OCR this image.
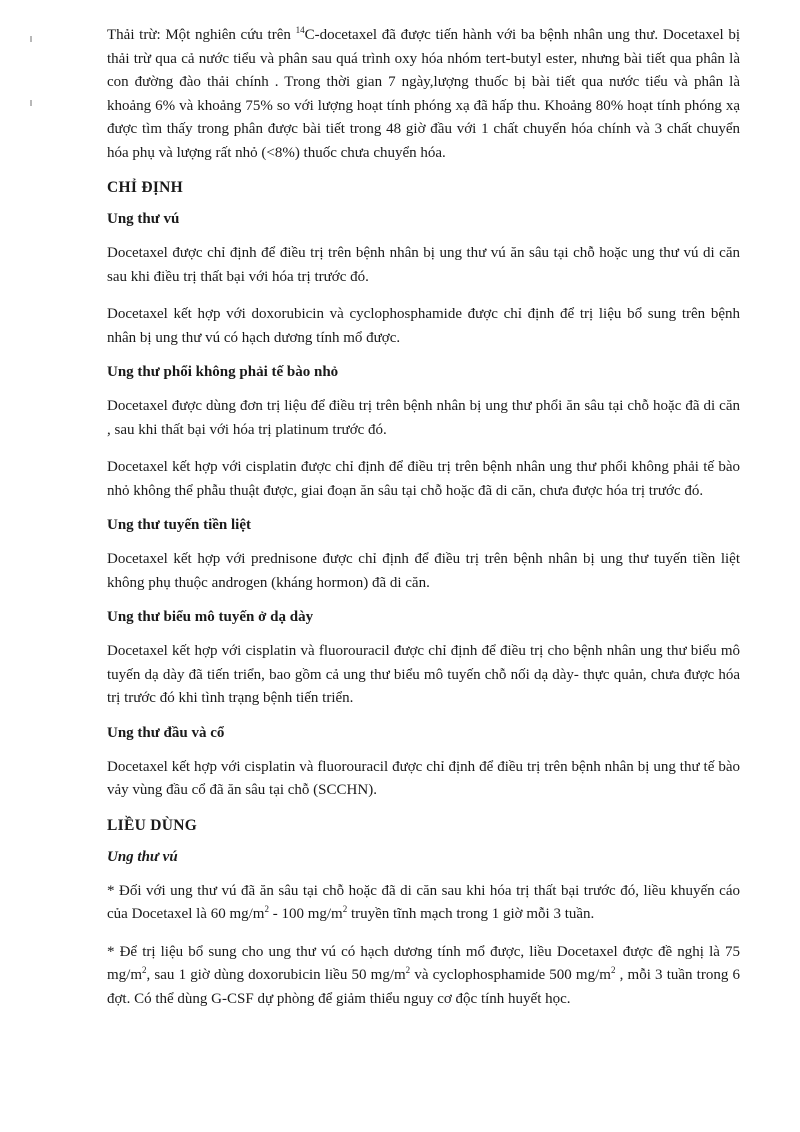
Thải trừ: Một nghiên cứu trên $^{14}$C-docetaxel đã được tiến hành với ba bệnh nhân ung thư. Docetaxel bị thải trừ qua cả nước tiểu và phân sau quá trình oxy hóa nhóm tert-butyl ester, nhưng bài tiết qua phân là con đường đào thải chính . Trong thời gian 7 ngày,lượng thuốc bị bài tiết qua nước tiểu và phân là khoảng 6% và khoảng 75% so với lượng hoạt tính phóng xạ đã hấp thu. Khoảng 80% hoạt tính phóng xạ được tìm thấy trong phân được bài tiết trong 48 giờ đầu với 1 chất chuyển hóa chính và 3 chất chuyển hóa phụ và lượng rất nhỏ (<8%) thuốc chưa chuyển hóa.

CHỈ ĐỊNH
Ung thư vú

Docetaxel được chỉ định để điều trị trên bệnh nhân bị ung thư vú ăn sâu tại chỗ hoặc ung thư vú di căn sau khi điều trị thất bại với hóa trị trước đó.

Docetaxel kết hợp với doxorubicin và cyclophosphamide được chỉ định để trị liệu bổ sung trên bệnh nhân bị ung thư vú có hạch dương tính mổ được.

Ung thư phổi không phải tế bào nhỏ

Docetaxel được dùng đơn trị liệu để điều trị trên bệnh nhân bị ung thư phổi ăn sâu tại chỗ hoặc đã di căn , sau khi thất bại với hóa trị platinum trước đó.

Docetaxel kết hợp với cisplatin được chỉ định để điều trị trên bệnh nhân ung thư phổi không phải tế bào nhỏ không thể phẫu thuật được, giai đoạn ăn sâu tại chỗ hoặc đã di căn, chưa được hóa trị trước đó.

Ung thư tuyến tiền liệt

Docetaxel kết hợp với prednisone được chỉ định để điều trị trên bệnh nhân bị ung thư tuyến tiền liệt không phụ thuộc androgen (kháng hormon) đã di căn.

Ung thư biểu mô tuyến ở dạ dày

Docetaxel kết hợp với cisplatin và fluorouracil được chỉ định để điều trị cho bệnh nhân ung thư biểu mô tuyến dạ dày đã tiến triển, bao gồm cả ung thư biểu mô tuyến chỗ nối dạ dày- thực quản, chưa được hóa trị trước đó khi tình trạng bệnh tiến triển.

Ung thư đầu và cổ

Docetaxel kết hợp với cisplatin và fluorouracil được chỉ định để điều trị trên bệnh nhân bị ung thư tế bào vảy vùng đầu cổ đã ăn sâu tại chỗ (SCCHN).

LIỀU DÙNG
Ung thư vú

* Đối với ung thư vú đã ăn sâu tại chỗ hoặc đã di căn sau khi hóa trị thất bại trước đó, liều khuyến cáo của Docetaxel là 60 $mg/m^2 - 100$ $mg/m^2$ truyền tĩnh mạch trong 1 giờ mỗi 3 tuần.

* Để trị liệu bổ sung cho ung thư vú có hạch dương tính mổ được, liều Docetaxel được đề nghị là 75 $mg/m^2$, sau 1 giờ dùng doxorubicin liều 50 $mg/m^2$ và cyclophosphamide 500 $mg/m^2$ , mỗi 3 tuần trong 6 đợt. Có thể dùng G-CSF dự phòng để giảm thiểu nguy cơ độc tính huyết học.
